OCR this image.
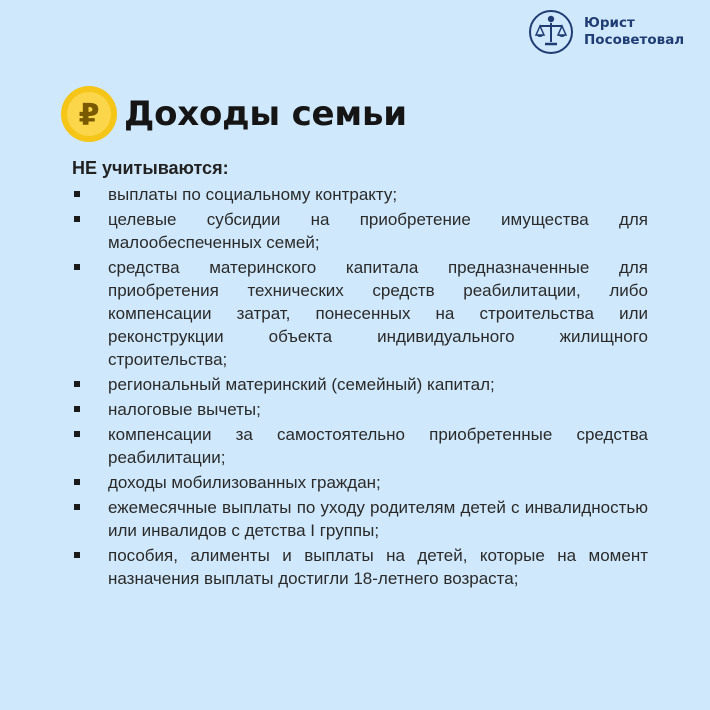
Юрист
Посоветовал
₽ Доходы семьи
НЕ учитываются:
выплаты по социальному контракту;
целевые субсидии на приобретение имущества для малообеспеченных семей;
средства материнского капитала предназначенные для приобретения технических средств реабилитации, либо компенсации затрат, понесенных на строительства или реконструкции объекта индивидуального жилищного строительства;
региональный материнский (семейный) капитал;
налоговые вычеты;
компенсации за самостоятельно приобретенные средства реабилитации;
доходы мобилизованных граждан;
ежемесячные выплаты по уходу родителям детей с инвалидностью или инвалидов с детства I группы;
пособия, алименты и выплаты на детей, которые на момент назначения выплаты достигли 18-летнего возраста;
